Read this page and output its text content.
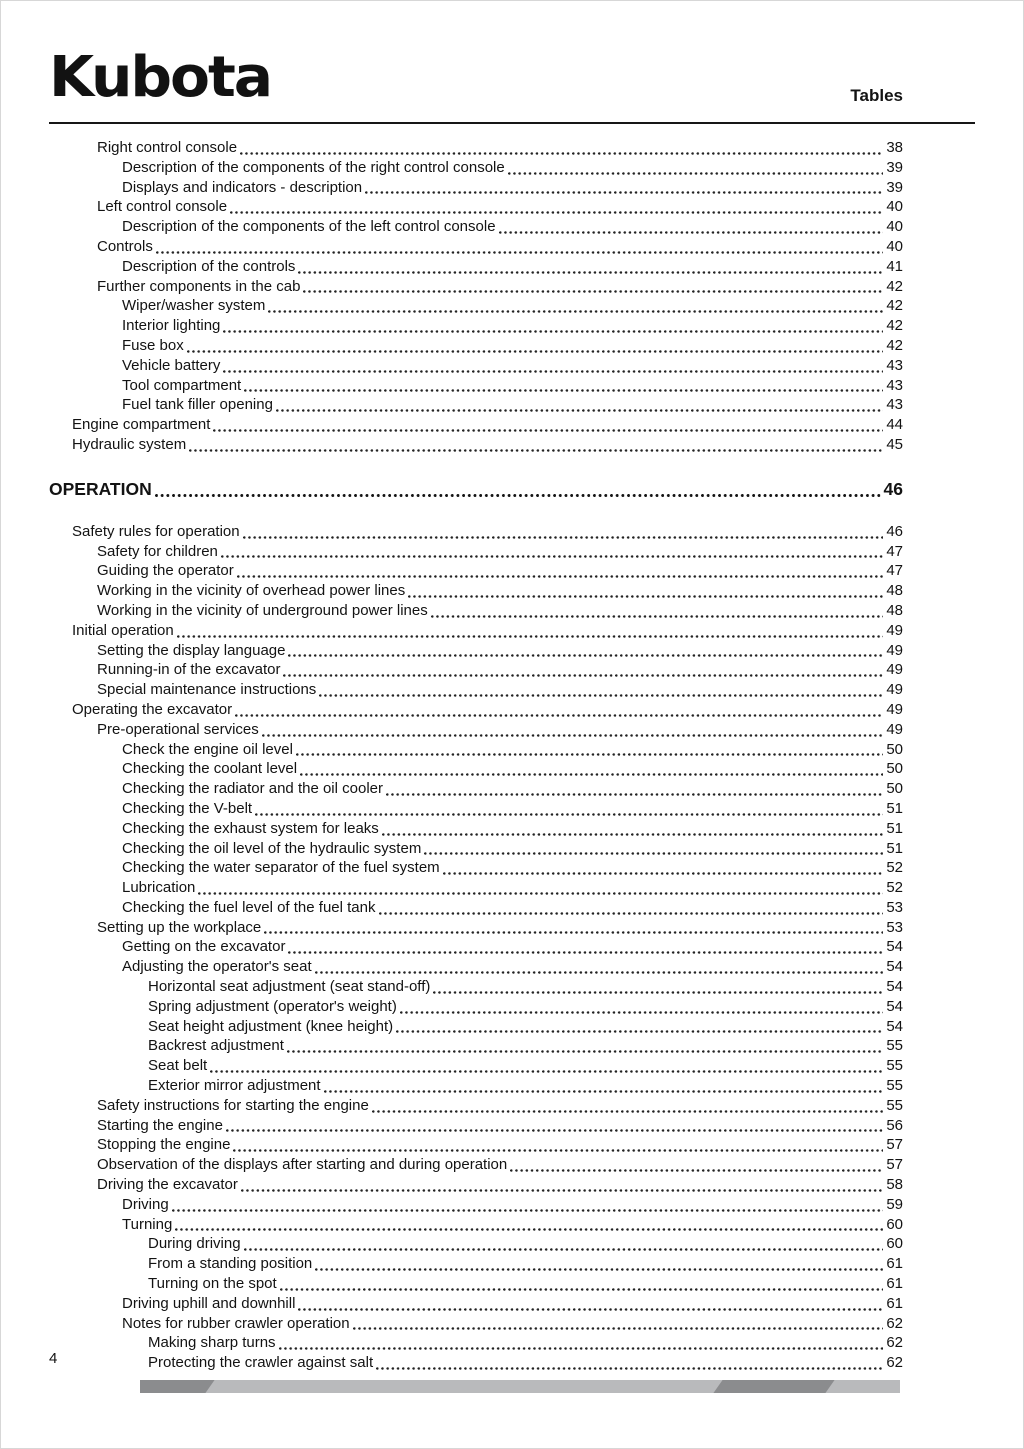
Kubota	Tables
Right control console	38
Description of the components of the right control console	39
Displays and indicators - description	39
Left control console	40
Description of the components of the left control console	40
Controls	40
Description of the controls	41
Further components in the cab	42
Wiper/washer system	42
Interior lighting	42
Fuse box	42
Vehicle battery	43
Tool compartment	43
Fuel tank filler opening	43
Engine compartment	44
Hydraulic system	45
OPERATION	46
Safety rules for operation	46
Safety for children	47
Guiding the operator	47
Working in the vicinity of overhead power lines	48
Working in the vicinity of underground power lines	48
Initial operation	49
Setting the display language	49
Running-in of the excavator	49
Special maintenance instructions	49
Operating the excavator	49
Pre-operational services	49
Check the engine oil level	50
Checking the coolant level	50
Checking the radiator and the oil cooler	50
Checking the V-belt	51
Checking the exhaust system for leaks	51
Checking the oil level of the hydraulic system	51
Checking the water separator of the fuel system	52
Lubrication	52
Checking the fuel level of the fuel tank	53
Setting up the workplace	53
Getting on the excavator	54
Adjusting the operator's seat	54
Horizontal seat adjustment (seat stand-off)	54
Spring adjustment (operator's weight)	54
Seat height adjustment (knee height)	54
Backrest adjustment	55
Seat belt	55
Exterior mirror adjustment	55
Safety instructions for starting the engine	55
Starting the engine	56
Stopping the engine	57
Observation of the displays after starting and during operation	57
Driving the excavator	58
Driving	59
Turning	60
During driving	60
From a standing position	61
Turning on the spot	61
Driving uphill and downhill	61
Notes for rubber crawler operation	62
Making sharp turns	62
Protecting the crawler against salt	62
4
